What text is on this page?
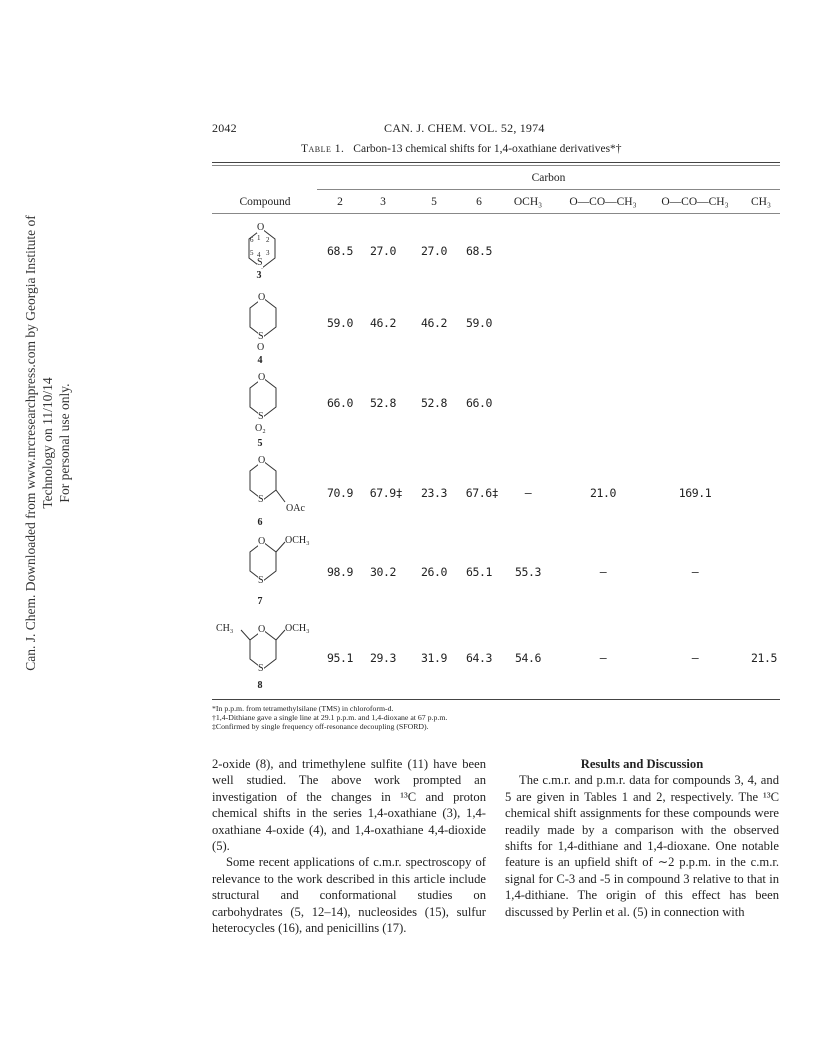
Can. J. Chem. Downloaded from www.nrcresearchpress.com by Georgia Institute of Technology on 11/10/14 For personal use only.
2042	CAN. J. CHEM. VOL. 52, 1974
Table 1. Carbon-13 chemical shifts for 1,4-oxathiane derivatives*†
Carbon
Compound	2	3	5	6	OCH₃	O—CO—CH₃	O—CO—CH₃	CH₃
68.5	27.0	27.0	68.5
59.0	46.2	46.2	59.0
66.0	52.8	52.8	66.0
70.9	67.9‡	23.3	67.6‡	—	21.0	169.1
98.9	30.2	26.0	65.1	55.3	—	—
95.1	29.3	31.9	64.3	54.6	—	—	21.5
O
S
1 2
3
4
5
6
3
O
S
O
4
O
S
O₂
5
O
S
OAc
6
O
S
OCH₃
7
O
S
OCH₃
CH₃
8
*In p.p.m. from tetramethylsilane (TMS) in chloroform-d.
†1,4-Dithiane gave a single line at 29.1 p.p.m. and 1,4-dioxane at 67 p.p.m.
‡Confirmed by single frequency off-resonance decoupling (SFORD).

2-oxide (8), and trimethylene sulfite (11) have been well studied. The above work prompted an investigation of the changes in ¹³C and proton chemical shifts in the series 1,4-oxathiane (3), 1,4-oxathiane 4-oxide (4), and 1,4-oxathiane 4,4-dioxide (5).

Some recent applications of c.m.r. spectroscopy of relevance to the work described in this article include structural and conformational studies on carbohydrates (5, 12–14), nucleosides (15), sulfur heterocycles (16), and penicillins (17).

Results and Discussion

The c.m.r. and p.m.r. data for compounds 3, 4, and 5 are given in Tables 1 and 2, respectively. The ¹³C chemical shift assignments for these compounds were readily made by a comparison with the observed shifts for 1,4-dithiane and 1,4-dioxane. One notable feature is an upfield shift of ∼2 p.p.m. in the c.m.r. signal for C-3 and -5 in compound 3 relative to that in 1,4-dithiane. The origin of this effect has been discussed by Perlin et al. (5) in connection with
